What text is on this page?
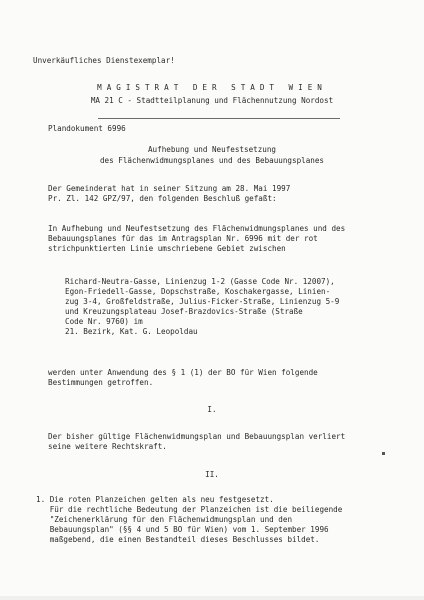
Unverkäufliches Dienstexemplar!
MAGISTRAT DER STADT WIEN
MA 21 C - Stadtteilplanung und Flächennutzung Nordost
Plandokument 6996
Aufhebung und Neufestsetzung
des Flächenwidmungsplanes und des Bebauungsplanes
Der Gemeinderat hat in seiner Sitzung am 28. Mai 1997
Pr. Zl. 142 GPZ/97, den folgenden Beschluß gefaßt:
In Aufhebung und Neufestsetzung des Flächenwidmungsplanes und des
Bebauungsplanes für das im Antragsplan Nr. 6996 mit der rot
strichpunktierten Linie umschriebene Gebiet zwischen
Richard-Neutra-Gasse, Linienzug 1-2 (Gasse Code Nr. 12007),
Egon-Friedell-Gasse, Dopschstraße, Koschakergasse, Linien-
zug 3-4, Großfeldstraße, Julius-Ficker-Straße, Linienzug 5-9
und Kreuzungsplateau Josef-Brazdovics-Straße (Straße
Code Nr. 9760) im
21. Bezirk, Kat. G. Leopoldau
werden unter Anwendung des § 1 (1) der BO für Wien folgende
Bestimmungen getroffen.
I.
Der bisher gültige Flächenwidmungsplan und Bebauungsplan verliert
seine weitere Rechtskraft.
II.
1. Die roten Planzeichen gelten als neu festgesetzt.
Für die rechtliche Bedeutung der Planzeichen ist die beiliegende
"Zeichenerklärung für den Flächenwidmungsplan und den
Bebauungsplan" (§§ 4 und 5 BO für Wien) vom 1. September 1996
maßgebend, die einen Bestandteil dieses Beschlusses bildet.
